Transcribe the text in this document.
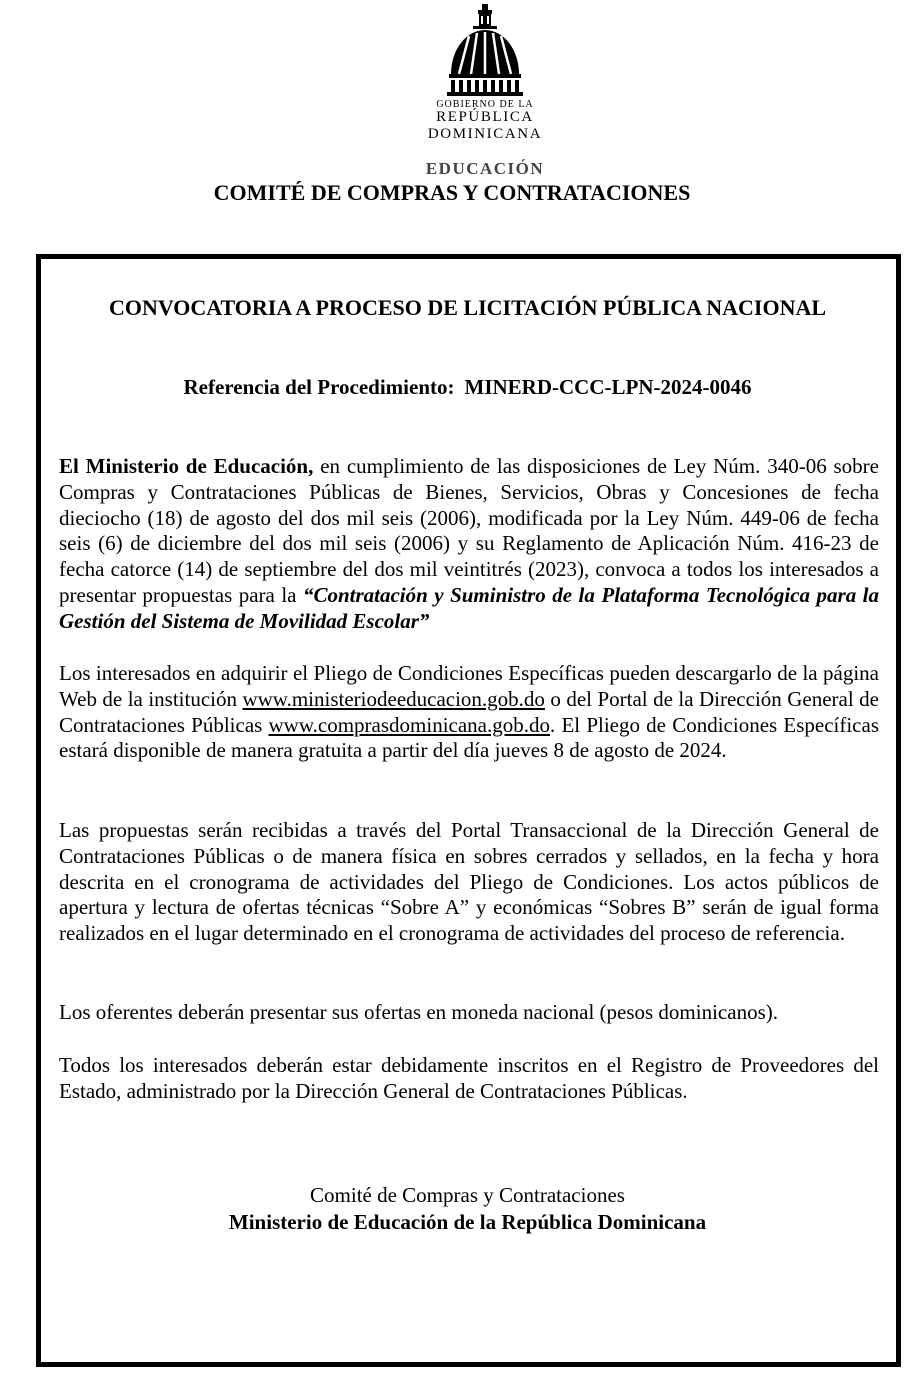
GOBIERNO DE LA
REPÚBLICA DOMINICANA
EDUCACIÓN
COMITÉ DE COMPRAS Y CONTRATACIONES
CONVOCATORIA A PROCESO DE LICITACIÓN PÚBLICA NACIONAL
Referencia del Procedimiento: MINERD-CCC-LPN-2024-0046
El Ministerio de Educación, en cumplimiento de las disposiciones de Ley Núm. 340-06 sobre Compras y Contrataciones Públicas de Bienes, Servicios, Obras y Concesiones de fecha dieciocho (18) de agosto del dos mil seis (2006), modificada por la Ley Núm. 449-06 de fecha seis (6) de diciembre del dos mil seis (2006) y su Reglamento de Aplicación Núm. 416-23 de fecha catorce (14) de septiembre del dos mil veintitrés (2023), convoca a todos los interesados a presentar propuestas para la “Contratación y Suministro de la Plataforma Tecnológica para la Gestión del Sistema de Movilidad Escolar”
Los interesados en adquirir el Pliego de Condiciones Específicas pueden descargarlo de la página Web de la institución www.ministeriodeeducacion.gob.do o del Portal de la Dirección General de Contrataciones Públicas www.comprasdominicana.gob.do. El Pliego de Condiciones Específicas estará disponible de manera gratuita a partir del día jueves 8 de agosto de 2024.
Las propuestas serán recibidas a través del Portal Transaccional de la Dirección General de Contrataciones Públicas o de manera física en sobres cerrados y sellados, en la fecha y hora descrita en el cronograma de actividades del Pliego de Condiciones. Los actos públicos de apertura y lectura de ofertas técnicas “Sobre A” y económicas “Sobres B” serán de igual forma realizados en el lugar determinado en el cronograma de actividades del proceso de referencia.
Los oferentes deberán presentar sus ofertas en moneda nacional (pesos dominicanos).
Todos los interesados deberán estar debidamente inscritos en el Registro de Proveedores del Estado, administrado por la Dirección General de Contrataciones Públicas.
Comité de Compras y Contrataciones
Ministerio de Educación de la República Dominicana
